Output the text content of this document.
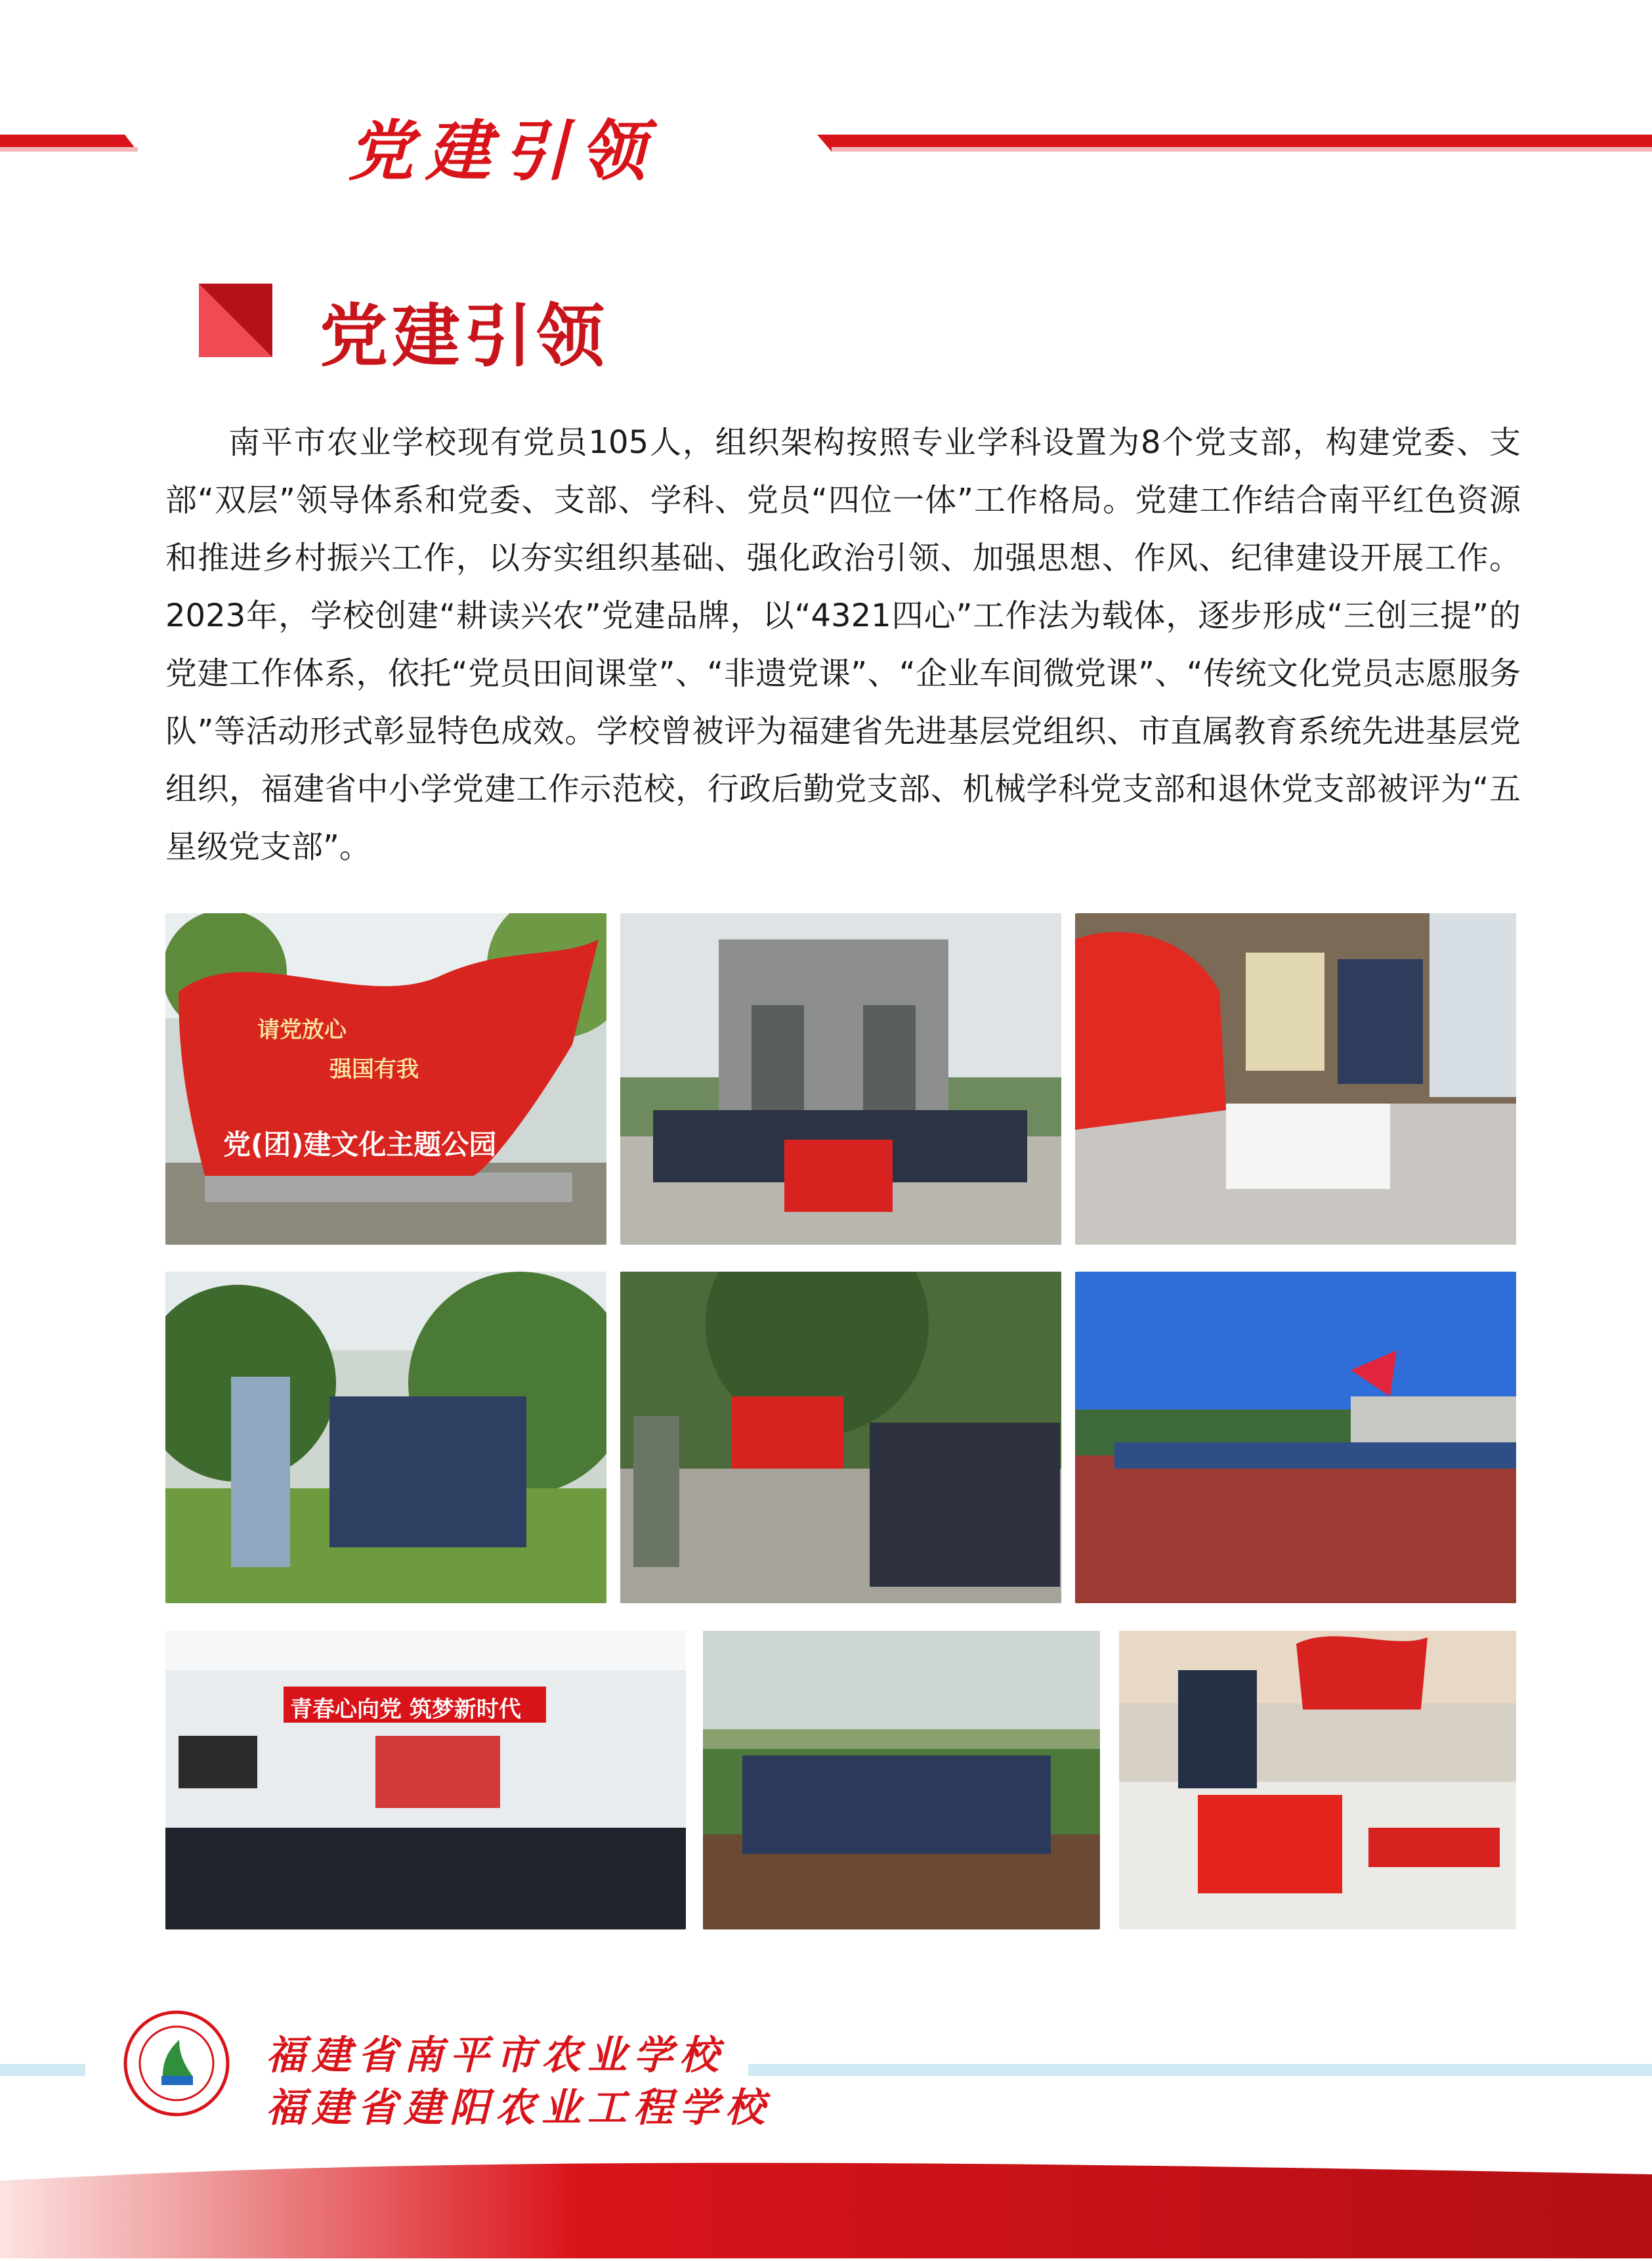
党建引领
党建引领
南平市农业学校现有党员105人，组织架构按照专业学科设置为8个党支部，构建党委、支部“双层”领导体系和党委、支部、学科、党员“四位一体”工作格局。党建工作结合南平红色资源和推进乡村振兴工作，以夯实组织基础、强化政治引领、加强思想、作风、纪律建设开展工作。2023年，学校创建“耕读兴农”党建品牌，以“4321四心”工作法为载体，逐步形成“三创三提”的党建工作体系，依托“党员田间课堂”、“非遗党课”、“企业车间微党课”、“传统文化党员志愿服务队”等活动形式彰显特色成效。学校曾被评为福建省先进基层党组织、市直属教育系统先进基层党组织，福建省中小学党建工作示范校，行政后勤党支部、机械学科党支部和退休党支部被评为“五星级党支部”。
请党放心
强国有我
党(团)建文化主题公园
青春心向党 筑梦新时代
福建省南平市农业学校
福建省建阳农业工程学校
